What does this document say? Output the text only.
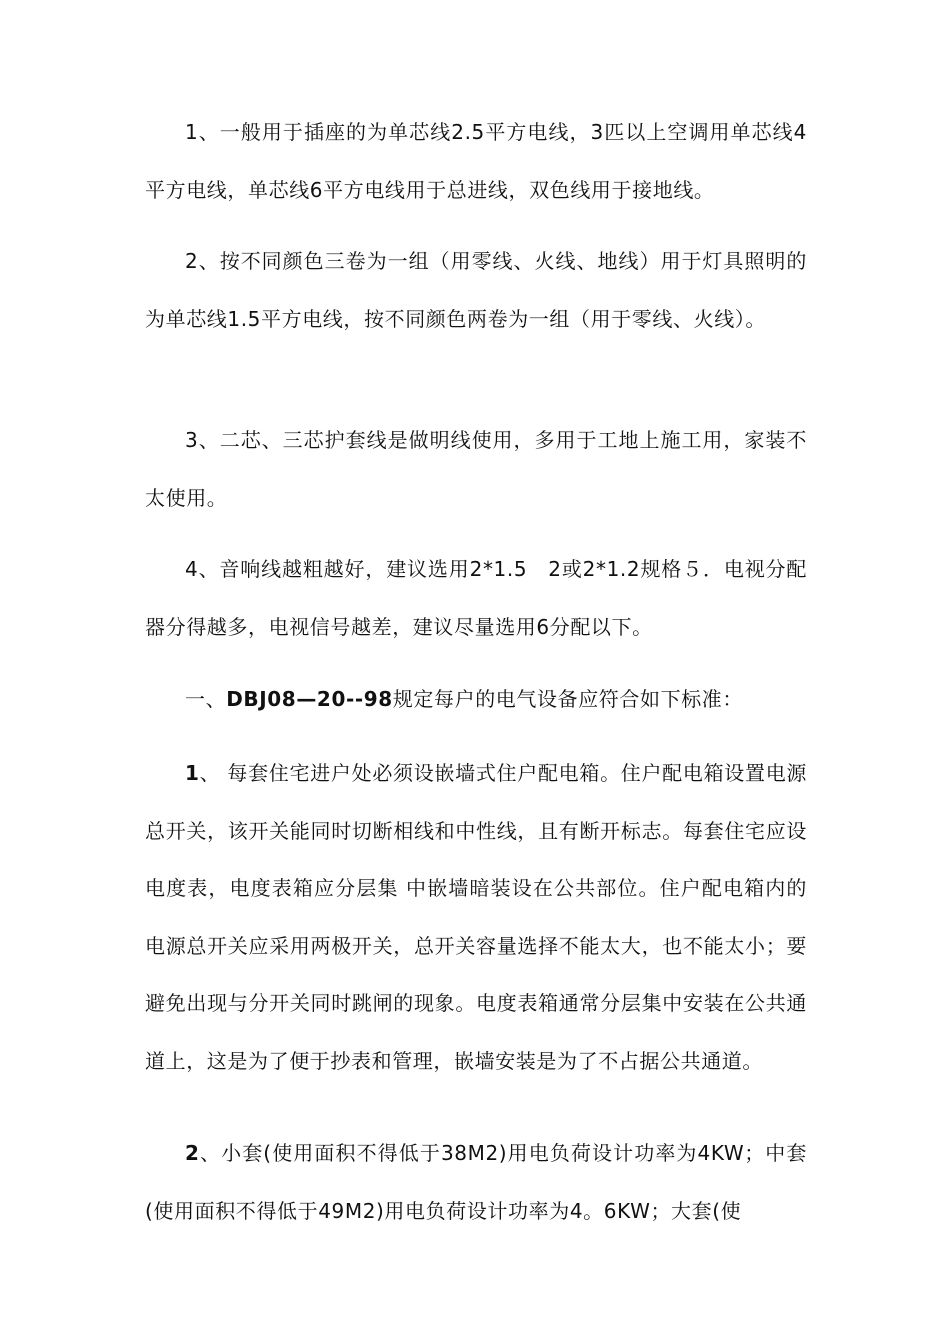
1、一般用于插座的为单芯线2.5平方电线，3匹以上空调用单芯线4平方电线，单芯线6平方电线用于总进线，双色线用于接地线。

2、按不同颜色三卷为一组（用零线、火线、地线）用于灯具照明的为单芯线1.5平方电线，按不同颜色两卷为一组（用于零线、火线）。

3、二芯、三芯护套线是做明线使用，多用于工地上施工用，家装不太使用。

4、音响线越粗越好，建议选用2*1.5　2或2*1.2规格５．电视分配器分得越多，电视信号越差，建议尽量选用6分配以下。

一、DBJ08—20--98规定每户的电气设备应符合如下标准：

1、 每套住宅进户处必须设嵌墙式住户配电箱。住户配电箱设置电源总开关，该开关能同时切断相线和中性线，且有断开标志。每套住宅应设电度表，电度表箱应分层集 中嵌墙暗装设在公共部位。住户配电箱内的电源总开关应采用两极开关，总开关容量选择不能太大，也不能太小；要避免出现与分开关同时跳闸的现象。电度表箱通常分层集中安装在公共通道上，这是为了便于抄表和管理，嵌墙安装是为了不占据公共通道。

2、小套(使用面积不得低于38M2)用电负荷设计功率为4KW；中套(使用面积不得低于49M2)用电负荷设计功率为4。6KW；大套(使
